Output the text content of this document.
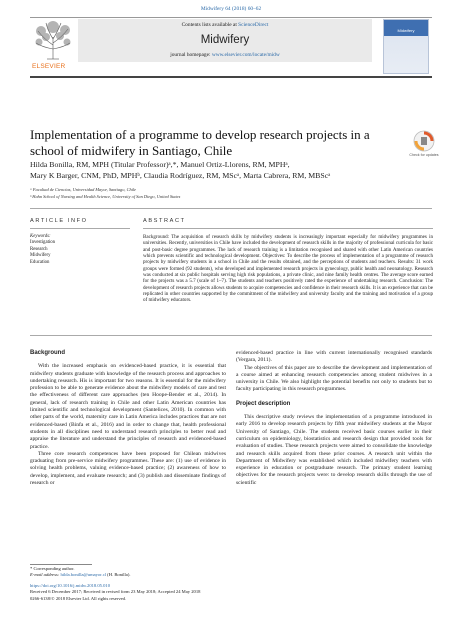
Midwifery 64 (2018) 60–62
ELSEVIER
Contents lists available at ScienceDirect
Midwifery
journal homepage: www.elsevier.com/locate/midw
Midwifery
Implementation of a programme to develop research projects in a school of midwifery in Santiago, Chile	Check for updates
Hilda Bonilla, RM, MPH (Titular Professor)ᵃ,*, Manuel Ortiz-Llorens, RM, MPHᵃ,
Mary K Barger, CNM, PhD, MPHᵇ, Claudia Rodríguez, RM, MScᵃ, Marta Cabrera, RM, MBScᵃ
ᵃ Facultad de Ciencias, Universidad Mayor, Santiago, Chile
ᵇ Hahn School of Nursing and Health Science, University of San Diego, United States
ARTICLE INFO
Keywords:
Investigation
Research
Midwifery
Education
ABSTRACT
Background: The acquisition of research skills by midwifery students is increasingly important especially for midwifery programmes in universities. Recently, universities in Chile have included the development of research skills in the majority of professional curricula for basic and post-basic degree programmes. The lack of research training is a limitation recognised and shared with other Latin American countries which prevents scientific and technological development. Objectives: To describe the process of implementation of a programme of research projects by midwifery students in a school in Chile and the results obtained, and the perceptions of students and teachers. Results: 31 work groups were formed (92 students), who developed and implemented research projects in gynecology, public health and neonatology. Research was conducted at six public hospitals serving high risk populations, a private clinic, and nine family health centres. The average score earned for the projects was a 5.7 (scale of 1–7). The students and teachers positively rated the experience of undertaking research. Conclusion: The development of research projects allows students to acquire competencies and confidence in their research skills. It is an experience that can be replicated in other countries supported by the commitment of the midwifery and university faculty and the training and motivation of a group of midwifery educators.
Background

With the increased emphasis on evidenced-based practice, it is essential that midwifery students graduate with knowledge of the research process and approaches to undertaking research. His is important for two reasons. It is essential for the midwifery profession to be able to generate evidence about the midwifery models of care and test the effectiveness of different care approaches (ten Hoope-Bender et al., 2014). In general, lack of research training in Chile and other Latin American countries has limited scientific and technological development (Santelices, 2010). In common with other parts of the world, maternity care in Latin America includes practices that are not evidenced-based (Binfa et al., 2016) and in order to change that, health professional students in all disciplines need to understand research principles to better read and appraise the literature and understand the principles of research and evidenced-based practice.

Three core research competences have been proposed for Chilean midwives graduating from pre-service midwifery programmes. These are: (1) use of evidence in solving health problems, valuing evidence-based practice; (2) awareness of how to develop, implement, and evaluate research; and (3) publish and disseminate findings of research or

evidenced-based practice in line with current internationally recognised standards (Vergara, 2011).

The objectives of this paper are to describe the development and implementation of a course aimed at enhancing research competencies among student midwives in a university in Chile. We also highlight the potential benefits not only to students but to faculty participating in this research programmes.

Project description

This descriptive study reviews the implementation of a programme introduced in early 2016 to develop research projects by fifth year midwifery students at the Mayor University of Santiago, Chile. The students received basic courses earlier in their curriculum on epidemiology, biostatistics and research design that provided tools for evaluation of studies. These research projects were aimed to consolidate the knowledge and research skills acquired from these prior courses. A research unit within the Department of Midwifery was established which included midwifery teachers with experience in education or postgraduate research. The primary student learning objectives for the research projects were: to develop research skills through the use of scientific

* Corresponding author.
E-mail address: hilda.bonilla@umayor.cl (H. Bonilla).
https://doi.org/10.1016/j.midw.2018.05.010
Received 6 December 2017; Received in revised form 23 May 2018; Accepted 24 May 2018
0266-6138/© 2018 Elsevier Ltd. All rights reserved.
